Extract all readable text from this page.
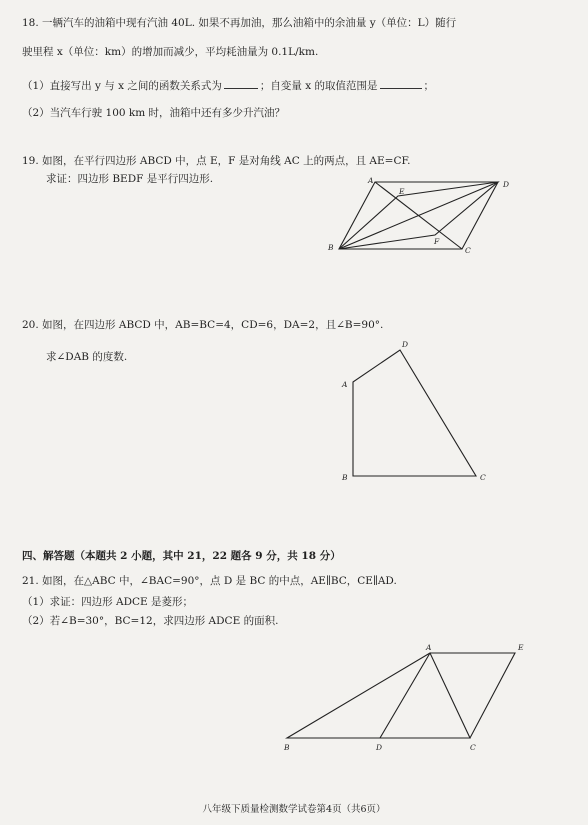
18. 一辆汽车的油箱中现有汽油 40L. 如果不再加油，那么油箱中的余油量 y（单位：L）随行
驶里程 x（单位：km）的增加而减少，平均耗油量为 0.1L/km.
（1）直接写出 y 与 x 之间的函数关系式为	；自变量 x 的取值范围是	；
（2）当汽车行驶 100 km 时，油箱中还有多少升汽油？
19. 如图，在平行四边形 ABCD 中，点 E，F 是对角线 AC 上的两点，且 AE=CF.
求证：四边形 BEDF 是平行四边形.	A	D
B	C
E
F
20. 如图，在四边形 ABCD 中，AB=BC=4，CD=6，DA=2，且∠B=90°.
求∠DAB 的度数.
A
D
B	C
四、解答题（本题共 2 小题，其中 21，22 题各 9 分，共 18 分）
21. 如图，在△ABC 中，∠BAC=90°，点 D 是 BC 的中点，AE∥BC，CE∥AD.
（1）求证：四边形 ADCE 是菱形；
（2）若∠B=30°，BC=12，求四边形 ADCE 的面积.
A	E
B	D	C
八年级下质量检测数学试卷第4页（共6页）
